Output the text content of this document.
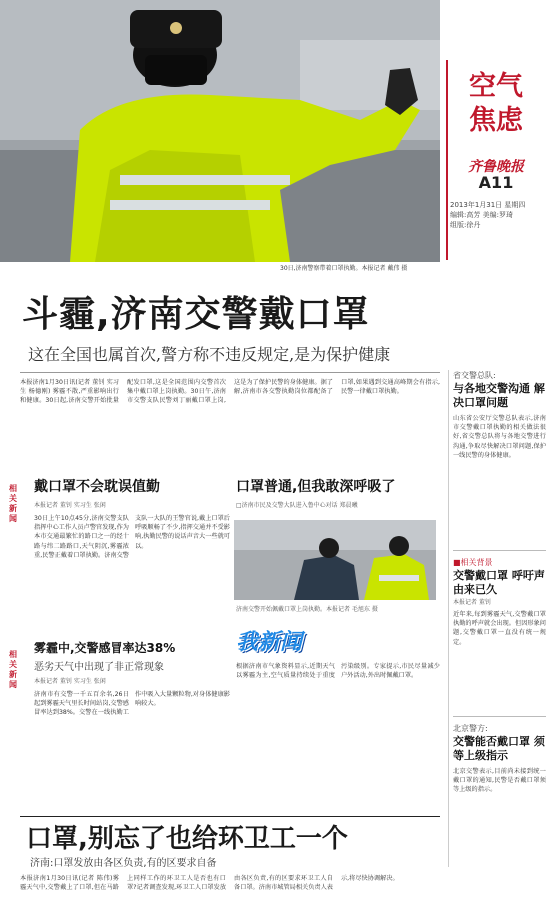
空气
焦虑
齐鲁晚报
A11
2013年1月31日 星期四
编辑:高芳 美编:罗琦
组版:徐丹
30日,济南警察带着口罩执勤。本报记者 戴伟 摄
斗霾,济南交警戴口罩
这在全国也属首次,警方称不违反规定,是为保护健康
本报济南1月30日讯(记者 董钊 实习生 杨德刚) 雾霾不散,严重影响出行和健康。30日起,济南交警开始批量配发口罩,这是全国范围内交警首次集中戴口罩上岗执勤。30日午,济南市交警支队民警刘丁丽戴口罩上岗,这是为了保护民警的身体健康。据了解,济南市各交警执勤岗位都配备了口罩,如果遇到交通高峰期会有指示,民警一律戴口罩执勤。
省交警总队:
与各地交警沟通 解决口罩问题
山东省公安厅交警总队表示,济南市交警戴口罩执勤的相关做法很好,省交警总队将与各地交警进行沟通,争取尽快解决口罩问题,保护一线民警的身体健康。
■相关背景
交警戴口罩 呼吁声由来已久
本报记者 董钊
近年来,每到雾霾天气,交警戴口罩执勤的呼声就会出现。但因形象问题,交警戴口罩一直没有统一规定。
北京警方:
交警能否戴口罩 须等上级指示
北京交警表示,目前尚未接到统一戴口罩的通知,民警是否戴口罩须等上级的指示。
相关新闻
相关新闻
戴口罩不会耽误值勤
本报记者 董钊 实习生 张闲
30日上午10点45分,济南交警支队指挥中心工作人员卢警官发现,作为本市交通最繁忙的路口之一的经十路与纬二路路口,天气阴沉,雾霾浓重,民警正戴着口罩执勤。济南交警支队一大队的王警官说,戴上口罩后呼吸顺畅了不少,指挥交通并不受影响,执勤民警的说话声音大一些就可以。
口罩普通,但我敢深呼吸了
□济南市民及交警大队进入鲁中心对话 郑晨曦
济南交警开始佩戴口罩上岗执勤。本报记者 毛旭东 摄
雾霾中,交警感冒率达38%
恶劣天气中出现了非正常现象
本报记者 董钊 实习生 张闲
济南市有交警一千五百余名,26日起到雾霾天气里长时间站岗,交警感冒率达到38%。交警在一线执勤工作中吸入大量颗粒物,对身体健康影响较大。
我新闻
根据济南市气象资料显示,近期天气以雾霾为主,空气质量持续处于重度污染级别。专家提示,市民尽量减少户外活动,外出时佩戴口罩。
口罩,别忘了也给环卫工一个
济南:口罩发放由各区负责,有的区要求自备
本报济南1月30日讯(记者 陈伟)雾霾天气中,交警戴上了口罩,但在马路上同样工作的环卫工人是否也有口罩?记者调查发现,环卫工人口罩发放由各区负责,有的区要求环卫工人自备口罩。济南市城管局相关负责人表示,将尽快协调解决。
